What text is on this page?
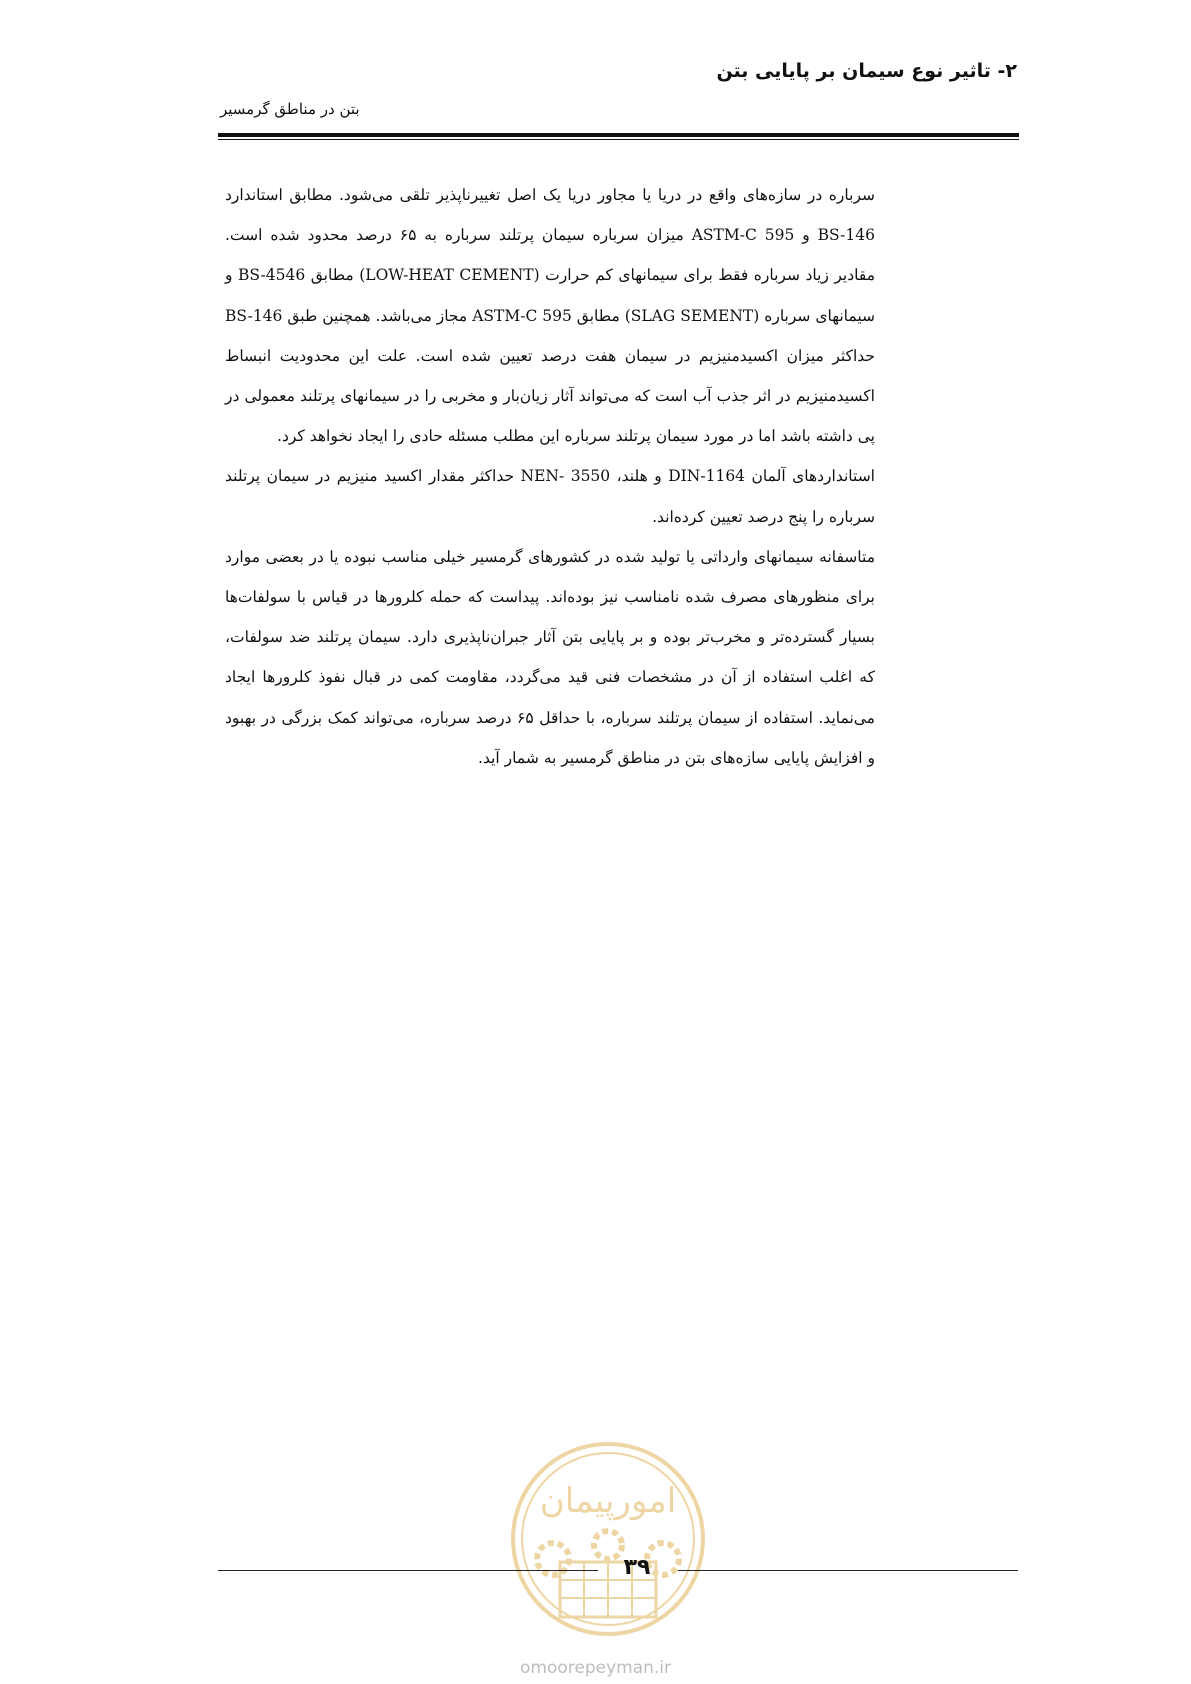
۲- تاثیر نوع سیمان بر پایایی بتن
بتن در مناطق گرمسیر

سرباره در سازه‌های واقع در دریا یا مجاور دریا یک اصل تغییرناپذیر تلقی می‌شود. مطابق استاندارد BS-146 و ASTM-C 595 میزان سرباره سیمان پرتلند سرباره به ۶۵ درصد محدود شده است. مقادیر زیاد سرباره فقط برای سیمانهای کم حرارت (LOW-HEAT CEMENT) مطابق BS-4546 و سیمانهای سرباره (SLAG SEMENT) مطابق ASTM-C 595 مجاز می‌باشد. همچنین طبق BS-146 حداکثر میزان اکسیدمنیزیم در سیمان هفت درصد تعیین شده است. علت این محدودیت انبساط اکسیدمنیزیم در اثر جذب آب است که می‌تواند آثار زیان‌بار و مخربی را در سیمانهای پرتلند معمولی در پی داشته باشد اما در مورد سیمان پرتلند سرباره این مطلب مسئله حادی را ایجاد نخواهد کرد.

استانداردهای آلمان DIN-1164 و هلند، NEN- 3550 حداکثر مقدار اکسید منیزیم در سیمان پرتلند سرباره را پنج درصد تعیین کرده‌اند.

متاسفانه سیمانهای وارداتی یا تولید شده در کشورهای گرمسیر خیلی مناسب نبوده یا در بعضی موارد برای منظورهای مصرف شده نامناسب نیز بوده‌اند. پیداست که حمله کلرورها در قیاس با سولفات‌ها بسیار گسترده‌تر و مخرب‌تر بوده و بر پایایی بتن آثار جبران‌ناپذیری دارد. سیمان پرتلند ضد سولفات، که اغلب استفاده از آن در مشخصات فنی قید می‌گردد، مقاومت کمی در قبال نفوذ کلرورها ایجاد می‌نماید. استفاده از سیمان پرتلند سرباره، با حداقل ۶۵ درصد سرباره، می‌تواند کمک بزرگی در بهبود و افزایش پایایی سازه‌های بتن در مناطق گرمسیر به شمار آید.

امورپیمان
۳۹
omoorepeyman.ir
